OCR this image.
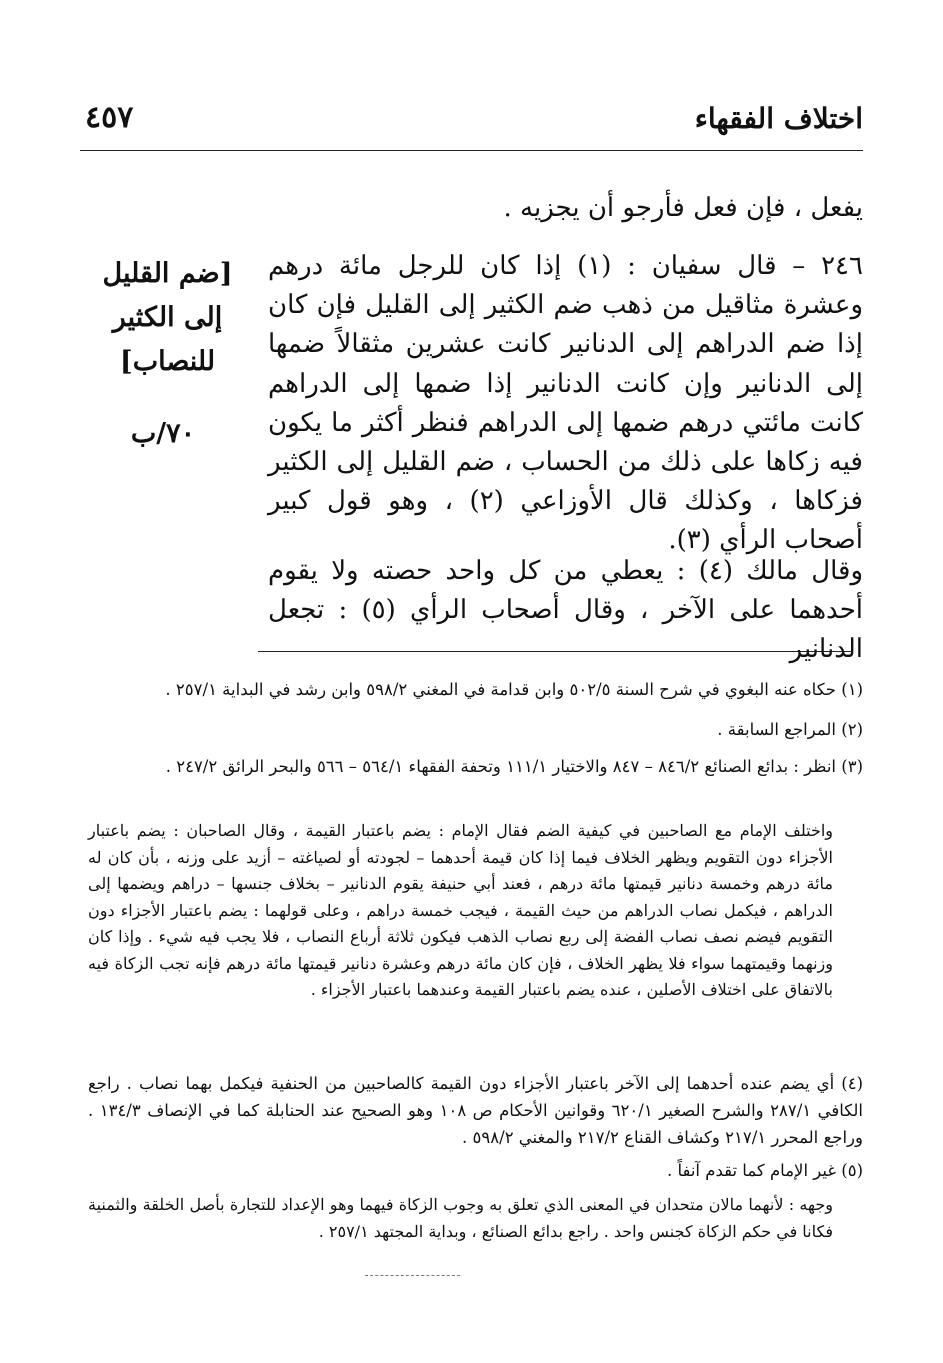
اختلاف الفقهاء
٤٥٧
يفعل ، فإن فعل فأرجو أن يجزيه .
٢٤٦ – قال سفيان : (١) إذا كان للرجل مائة درهم وعشرة مثاقيل من ذهب ضم الكثير إلى القليل فإن كان إذا ضم الدراهم إلى الدنانير كانت عشرين مثقالاً ضمها إلى الدنانير وإن كانت الدنانير إذا ضمها إلى الدراهم كانت مائتي درهم ضمها إلى الدراهم فنظر أكثر ما يكون فيه زكاها على ذلك من الحساب ، ضم القليل إلى الكثير فزكاها ، وكذلك قال الأوزاعي (٢) ، وهو قول كبير أصحاب الرأي (٣).
[ضم القليل إلى الكثير للنصاب]
٧٠/ب
وقال مالك (٤) : يعطي من كل واحد حصته ولا يقوم أحدهما على الآخر ، وقال أصحاب الرأي (٥) : تجعل الدنانير
(١) حكاه عنه البغوي في شرح السنة ٥٠٢/٥ وابن قدامة في المغني ٥٩٨/٢ وابن رشد في البداية ٢٥٧/١ .
(٢) المراجع السابقة .
(٣) انظر : بدائع الصنائع ٨٤٦/٢ – ٨٤٧ والاختيار ١١١/١ وتحفة الفقهاء ٥٦٤/١ – ٥٦٦ والبحر الرائق ٢٤٧/٢ .
واختلف الإمام مع الصاحبين في كيفية الضم فقال الإمام : يضم باعتبار القيمة ، وقال الصاحبان : يضم باعتبار الأجزاء دون التقويم ويظهر الخلاف فيما إذا كان قيمة أحدهما – لجودته أو لصياغته – أزيد على وزنه ، بأن كان له مائة درهم وخمسة دنانير قيمتها مائة درهم ، فعند أبي حنيفة يقوم الدنانير – بخلاف جنسها – دراهم ويضمها إلى الدراهم ، فيكمل نصاب الدراهم من حيث القيمة ، فيجب خمسة دراهم ، وعلى قولهما : يضم باعتبار الأجزاء دون التقويم فيضم نصف نصاب الفضة إلى ربع نصاب الذهب فيكون ثلاثة أرباع النصاب ، فلا يجب فيه شيء . وإذا كان وزنهما وقيمتهما سواء فلا يظهر الخلاف ، فإن كان مائة درهم وعشرة دنانير قيمتها مائة درهم فإنه تجب الزكاة فيه بالاتفاق على اختلاف الأصلين ، عنده يضم باعتبار القيمة وعندهما باعتبار الأجزاء .
(٤) أي يضم عنده أحدهما إلى الآخر باعتبار الأجزاء دون القيمة كالصاحبين من الحنفية فيكمل بهما نصاب . راجع الكافي ٢٨٧/١ والشرح الصغير ٦٢٠/١ وقوانين الأحكام ص ١٠٨ وهو الصحيح عند الحنابلة كما في الإنصاف ١٣٤/٣ . وراجع المحرر ٢١٧/١ وكشاف القناع ٢١٧/٢ والمغني ٥٩٨/٢ .
(٥) غير الإمام كما تقدم آنفاً .
وجهه : لأنهما مالان متحدان في المعنى الذي تعلق به وجوب الزكاة فيهما وهو الإعداد للتجارة بأصل الخلقة والثمنية فكانا في حكم الزكاة كجنس واحد . راجع بدائع الصنائع ، وبداية المجتهد ٢٥٧/١ .
